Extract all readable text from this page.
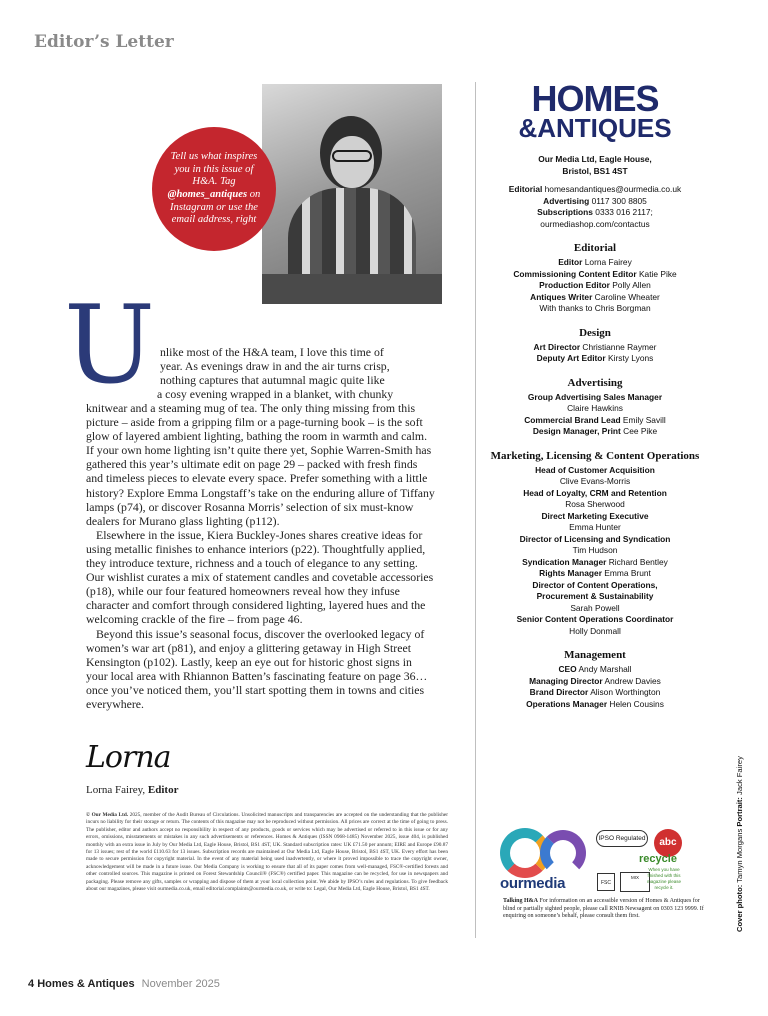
Editor’s Letter
Tell us what inspires you in this issue of H&A. Tag @homes_antiques on Instagram or use the email address, right
U nlike most of the H&A team, I love this time of
year. As evenings draw in and the air turns crisp,
nothing captures that autumnal magic quite like
a cosy evening wrapped in a blanket, with chunky

knitwear and a steaming mug of tea. The only thing missing from this picture – aside from a gripping film or a page-turning book – is the soft glow of layered ambient lighting, bathing the room in warmth and calm. If your own home lighting isn’t quite there yet, Sophie Warren-Smith has gathered this year’s ultimate edit on page 29 – packed with fresh finds and timeless pieces to elevate every space. Prefer something with a little history? Explore Emma Longstaff’s take on the enduring allure of Tiffany lamps (p74), or discover Rosanna Morris’ selection of six must-know dealers for Murano glass lighting (p112).

Elsewhere in the issue, Kiera Buckley-Jones shares creative ideas for using metallic finishes to enhance interiors (p22). Thoughtfully applied, they introduce texture, richness and a touch of elegance to any setting. Our wishlist curates a mix of statement candles and covetable accessories (p18), while our four featured homeowners reveal how they infuse character and comfort through considered lighting, layered hues and the welcoming crackle of the fire – from page 46.

Beyond this issue’s seasonal focus, discover the overlooked legacy of women’s war art (p81), and enjoy a glittering getaway in High Street Kensington (p102). Lastly, keep an eye out for historic ghost signs in your local area with Rhiannon Batten’s fascinating feature on page 36… once you’ve noticed them, you’ll start spotting them in towns and cities everywhere.

Lorna
Lorna Fairey, Editor
© Our Media Ltd. 2025, member of the Audit Bureau of Circulations. Unsolicited manuscripts and transparencies are accepted on the understanding that the publisher incurs no liability for their storage or return. The contents of this magazine may not be reproduced without permission. All prices are correct at the time of going to press. The publisher, editor and authors accept no responsibility in respect of any products, goods or services which may be advertised or referred to in this issue or for any errors, omissions, misstatements or mistakes in any such advertisements or references. Homes & Antiques (ISSN 0968-1485) November 2025, issue 404, is published monthly with an extra issue in July by Our Media Ltd, Eagle House, Bristol, BS1 4ST, UK. Standard subscription rates: UK £71.50 per annum; EIRE and Europe £90.87 for 13 issues; rest of the world £110.63 for 13 issues. Subscription records are maintained at Our Media Ltd, Eagle House, Bristol, BS1 4ST, UK. Every effort has been made to secure permission for copyright material. In the event of any material being used inadvertently, or where it proved impossible to trace the copyright owner, acknowledgement will be made in a future issue. Our Media Company is working to ensure that all of its paper comes from well-managed, FSC®-certified forests and other controlled sources. This magazine is printed on Forest Stewardship Council® (FSC®) certified paper. This magazine can be recycled, for use in newspapers and packaging. Please remove any gifts, samples or wrapping and dispose of them at your local collection point. We abide by IPSO’s rules and regulations. To give feedback about our magazines, please visit ourmedia.co.uk, email editorial.complaints@ourmedia.co.uk, or write to: Legal, Our Media Ltd, Eagle House, Bristol, BS1 4ST.
4 Homes & Antiques November 2025
HOMES
&ANTIQUES
Our Media Ltd, Eagle House,
Bristol, BS1 4ST
Editorial homesandantiques@ourmedia.co.uk
Advertising 0117 300 8805
Subscriptions 0333 016 2117;
ourmediashop.com/contactus
Editorial
Editor Lorna Fairey
Commissioning Content Editor Katie Pike
Production Editor Polly Allen
Antiques Writer Caroline Wheater
With thanks to Chris Borgman
Design
Art Director Christianne Raymer
Deputy Art Editor Kirsty Lyons
Advertising
Group Advertising Sales Manager
Claire Hawkins
Commercial Brand Lead Emily Savill
Design Manager, Print Cee Pike
Marketing, Licensing & Content Operations
Head of Customer Acquisition
Clive Evans-Morris
Head of Loyalty, CRM and Retention
Rosa Sherwood
Direct Marketing Executive
Emma Hunter
Director of Licensing and Syndication
Tim Hudson
Syndication Manager Richard Bentley
Rights Manager Emma Brunt
Director of Content Operations,
Procurement & Sustainability
Sarah Powell
Senior Content Operations Coordinator
Holly Donmall
Management
CEO Andy Marshall
Managing Director Andrew Davies
Brand Director Alison Worthington
Operations Manager Helen Cousins
Cover photo: Tamyn Morgans Portrait: Jack Fairey
ourmedia
IPSO Regulated	abc
recycle
FSC
MIX
When you have finished with this magazine please recycle it.
Talking H&A For information on an accessible version of Homes & Antiques for blind or partially sighted people, please call RNIB Newsagent on 0303 123 9999. If enquiring on someone’s behalf, please consult them first.
